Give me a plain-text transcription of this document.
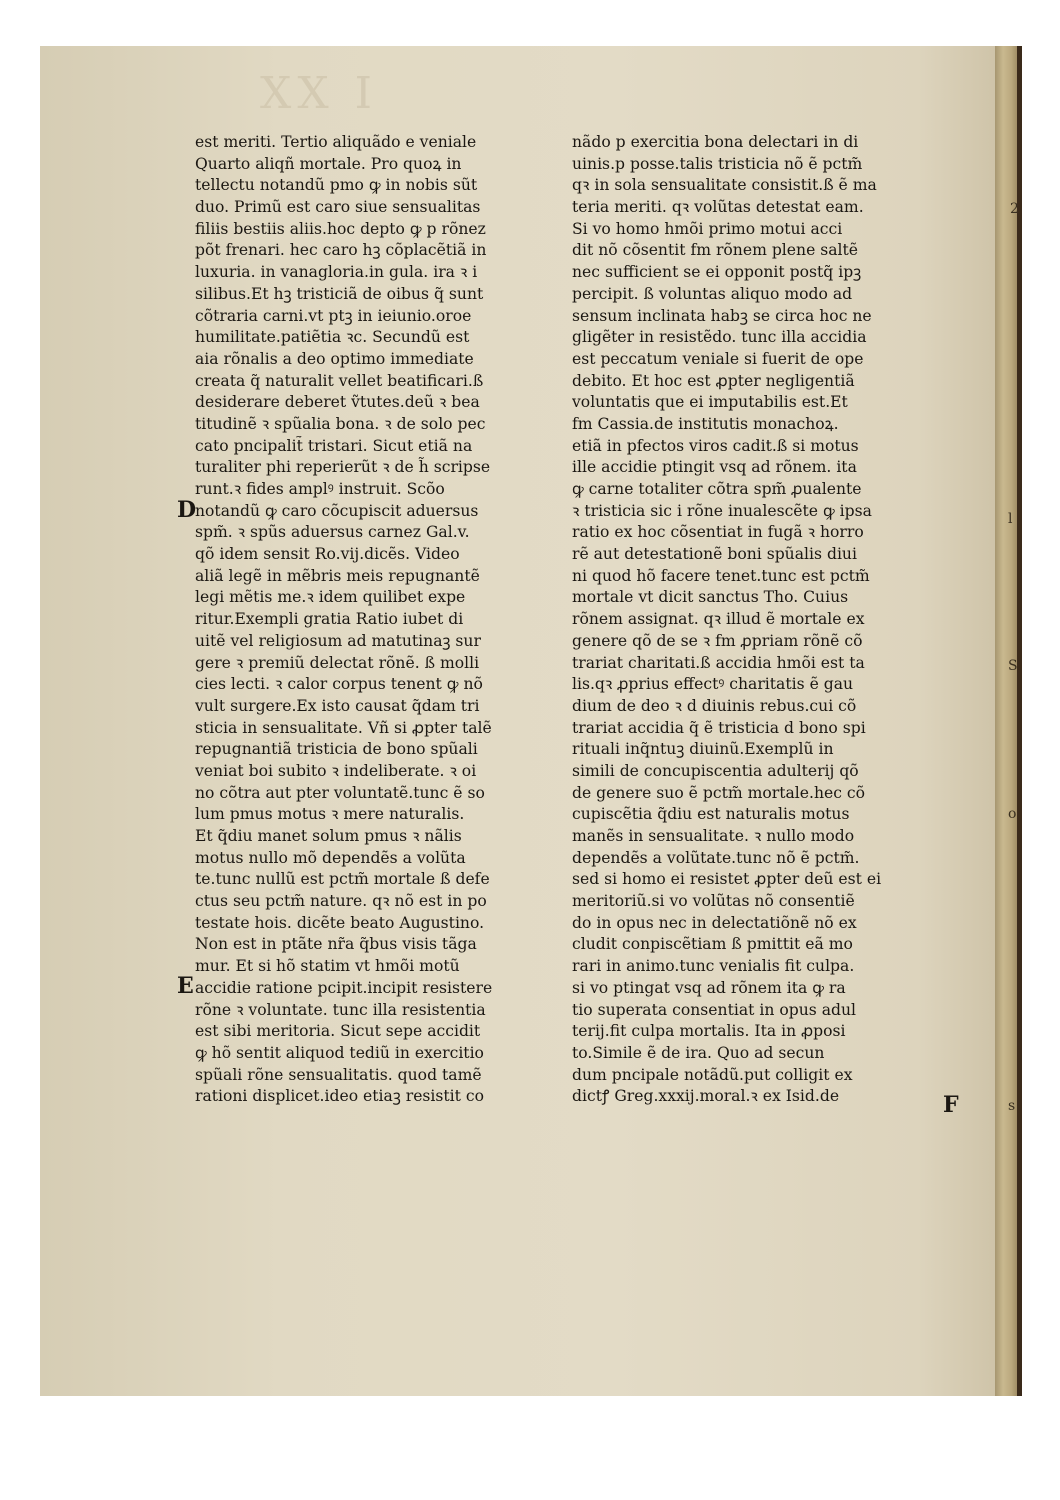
XX I
est meriti. Tertio aliquãdo e veniale
Quarto aliqñ mortale. Pro quoꝝ in
tellectu notandũ pmo ꝙ in nobis sũt
duo. Primũ est caro siue sensualitas
filiis bestiis aliis.hoc depto ꝙ p rõnez
põt frenari. hec caro hꝫ cõplacẽtiã in
luxuria. in vanagloria.in gula. ira ꝛ i
silibus.Et hꝫ tristiciã de oibus q̃ sunt
cõtraria carni.vt ptꝫ in ieiunio.oroe
humilitate.patiẽtia ꝛc. Secundũ est
aia rõnalis a deo optimo immediate
creata q̃ naturalit vellet beatificari.ß
desiderare deberet ṽtutes.deũ ꝛ bea
titudinẽ ꝛ spũalia bona. ꝛ de solo pec
cato pncipalit̃ tristari. Sicut etiã na
turaliter phi reperierũt ꝛ de h̃ scripse
runt.ꝛ fides amplꝰ instruit. Scõo
notandũ ꝙ caro cõcupiscit aduersus
spm̃. ꝛ spũs aduersus carnez Gal.v.
qõ idem sensit Ro.vij.dicẽs. Video
aliã legẽ in mẽbris meis repugnantẽ
legi mẽtis me.ꝛ idem quilibet expe
ritur.Exempli gratia Ratio iubet di
uitẽ vel religiosum ad matutinaꝫ sur
gere ꝛ premiũ delectat rõnẽ. ß molli
cies lecti. ꝛ calor corpus tenent ꝙ nõ
vult surgere.Ex isto causat q̃dam tri
sticia in sensualitate. Vñ si ꝓpter talẽ
repugnantiã tristicia de bono spũali
veniat boi subito ꝛ indeliberate. ꝛ oi
no cõtra aut pter voluntatẽ.tunc ẽ so
lum pmus motus ꝛ mere naturalis.
Et q̃diu manet solum pmus ꝛ nãlis
motus nullo mõ dependẽs a volũta
te.tunc nullũ est pctm̃ mortale ß defe
ctus seu pctm̃ nature. qꝛ nõ est in po
testate hois. dicẽte beato Augustino.
Non est in ptãte nr̃a q̃bus visis tãga
mur. Et si hõ statim vt hmõi motũ
accidie ratione pcipit.incipit resistere
rõne ꝛ voluntate. tunc illa resistentia
est sibi meritoria. Sicut sepe accidit
ꝙ hõ sentit aliquod tediũ in exercitio
spũali rõne sensualitatis. quod tamẽ
rationi displicet.ideo etiaꝫ resistit co
nãdo p exercitia bona delectari in di
uinis.p posse.talis tristicia nõ ẽ pctm̃
qꝛ in sola sensualitate consistit.ß ẽ ma
teria meriti. qꝛ volũtas detestat eam.
Si vo homo hmõi primo motui acci
dit nõ cõsentit fm rõnem plene saltẽ
nec sufficient se ei opponit postq̃ ipꝫ
percipit. ß voluntas aliquo modo ad
sensum inclinata habꝫ se circa hoc ne
gligẽter in resistẽdo. tunc illa accidia
est peccatum veniale si fuerit de ope
debito. Et hoc est ꝓpter negligentiã
voluntatis que ei imputabilis est.Et
fm Cassia.de institutis monachoꝝ.
etiã in pfectos viros cadit.ß si motus
ille accidie ptingit vsq ad rõnem. ita
ꝙ carne totaliter cõtra spm̃ ꝓualente
ꝛ tristicia sic i rõne inualescẽte ꝙ ipsa
ratio ex hoc cõsentiat in fugã ꝛ horro
rẽ aut detestationẽ boni spũalis diui
ni quod hõ facere tenet.tunc est pctm̃
mortale vt dicit sanctus Tho. Cuius
rõnem assignat. qꝛ illud ẽ mortale ex
genere qõ de se ꝛ fm ꝓpriam rõnẽ cõ
trariat charitati.ß accidia hmõi est ta
lis.qꝛ ꝓprius effectꝰ charitatis ẽ gau
dium de deo ꝛ d diuinis rebus.cui cõ
trariat accidia q̃ ẽ tristicia d bono spi
rituali inq̃ntuꝫ diuinũ.Exemplũ in
simili de concupiscentia adulterij qõ
de genere suo ẽ pctm̃ mortale.hec cõ
cupiscẽtia q̃diu est naturalis motus
manẽs in sensualitate. ꝛ nullo modo
dependẽs a volũtate.tunc nõ ẽ pctm̃.
sed si homo ei resistet ꝓpter deũ est ei
meritoriũ.si vo volũtas nõ consentiẽ
do in opus nec in delectatiõnẽ nõ ex
cludit conpiscẽtiam ß pmittit eã mo
rari in animo.tunc venialis fit culpa.
si vo ptingat vsq ad rõnem ita ꝙ ra
tio superata consentiat in opus adul
terij.fit culpa mortalis. Ita in ꝓposi
to.Simile ẽ de ira. Quo ad secun
dum pncipale notãdũ.put colligit ex
dictꝭ Greg.xxxij.moral.ꝛ ex Isid.de
D
E
F
2
l
S
o
s
